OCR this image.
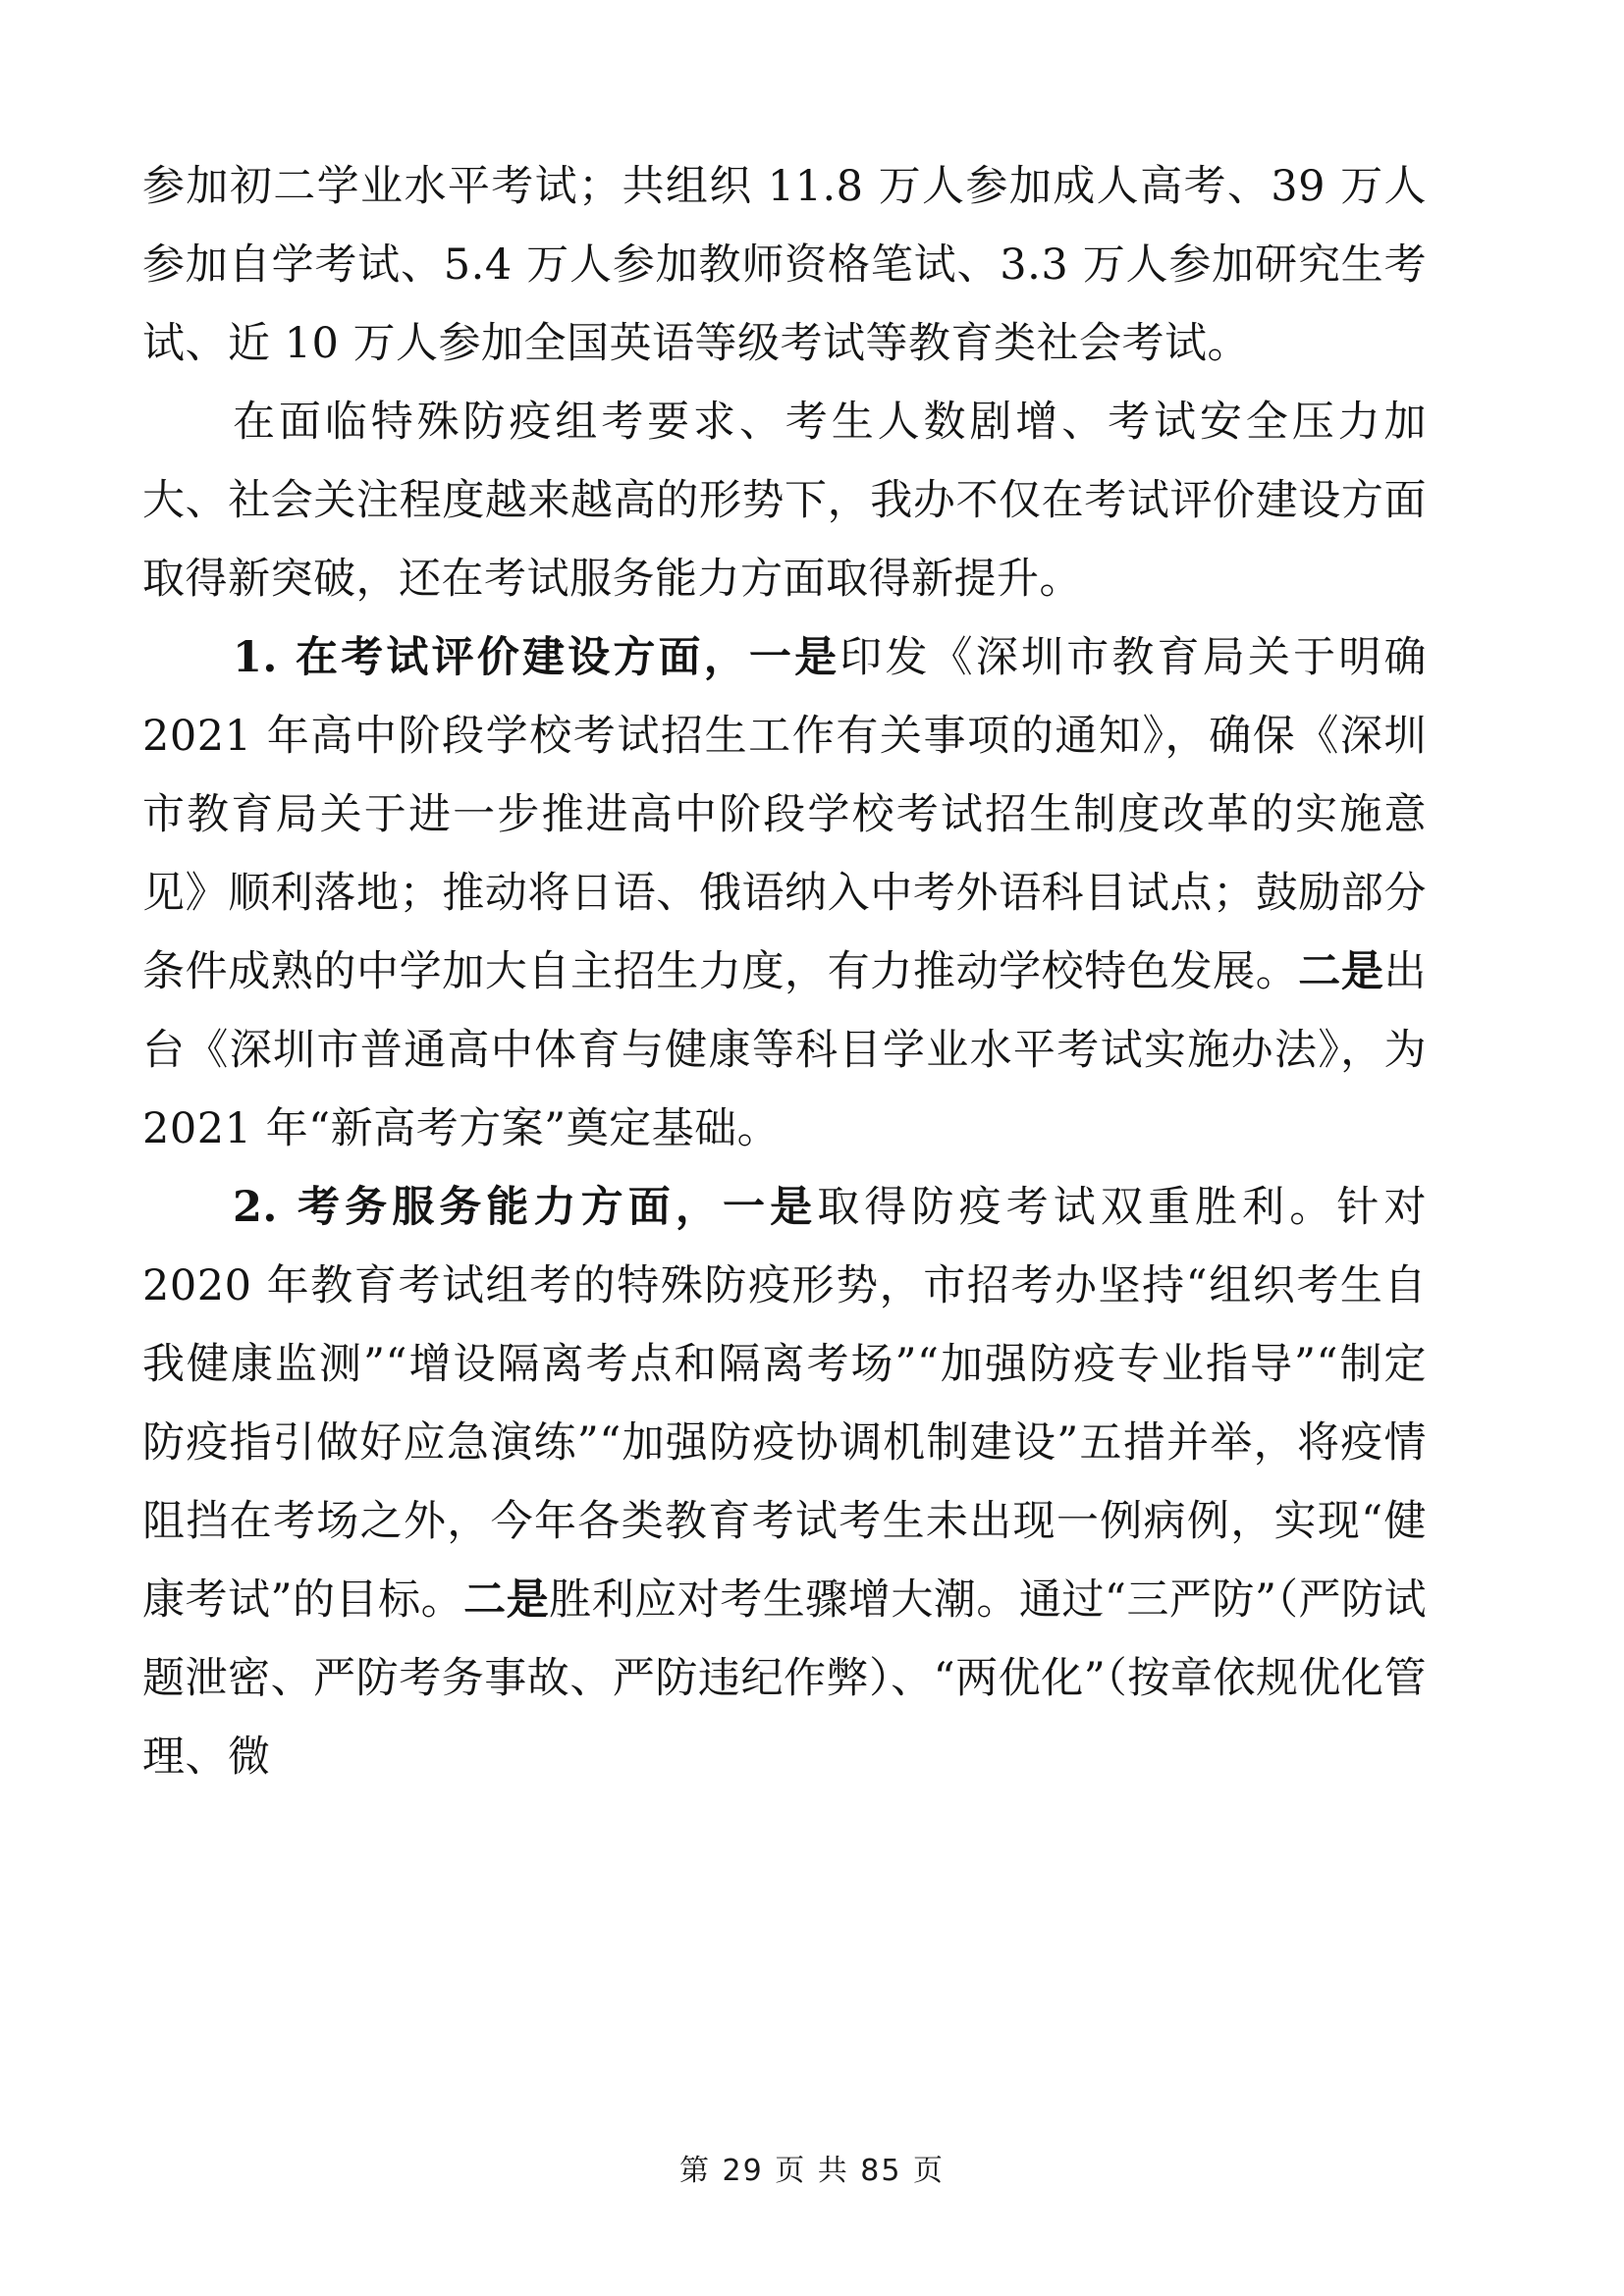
参加初二学业水平考试；共组织 11.8 万人参加成人高考、39 万人参加自学考试、5.4 万人参加教师资格笔试、3.3 万人参加研究生考试、近 10 万人参加全国英语等级考试等教育类社会考试。

在面临特殊防疫组考要求、考生人数剧增、考试安全压力加大、社会关注程度越来越高的形势下，我办不仅在考试评价建设方面取得新突破，还在考试服务能力方面取得新提升。

1. 在考试评价建设方面，一是印发《深圳市教育局关于明确 2021 年高中阶段学校考试招生工作有关事项的通知》，确保《深圳市教育局关于进一步推进高中阶段学校考试招生制度改革的实施意见》顺利落地；推动将日语、俄语纳入中考外语科目试点；鼓励部分条件成熟的中学加大自主招生力度，有力推动学校特色发展。二是出台《深圳市普通高中体育与健康等科目学业水平考试实施办法》，为 2021 年“新高考方案”奠定基础。

2. 考务服务能力方面，一是取得防疫考试双重胜利。针对 2020 年教育考试组考的特殊防疫形势，市招考办坚持“组织考生自我健康监测”“增设隔离考点和隔离考场”“加强防疫专业指导”“制定防疫指引做好应急演练”“加强防疫协调机制建设”五措并举，将疫情阻挡在考场之外，今年各类教育考试考生未出现一例病例，实现“健康考试”的目标。二是胜利应对考生骤增大潮。通过“三严防”（严防试题泄密、严防考务事故、严防违纪作弊）、“两优化”（按章依规优化管理、微

第 29 页 共 85 页
